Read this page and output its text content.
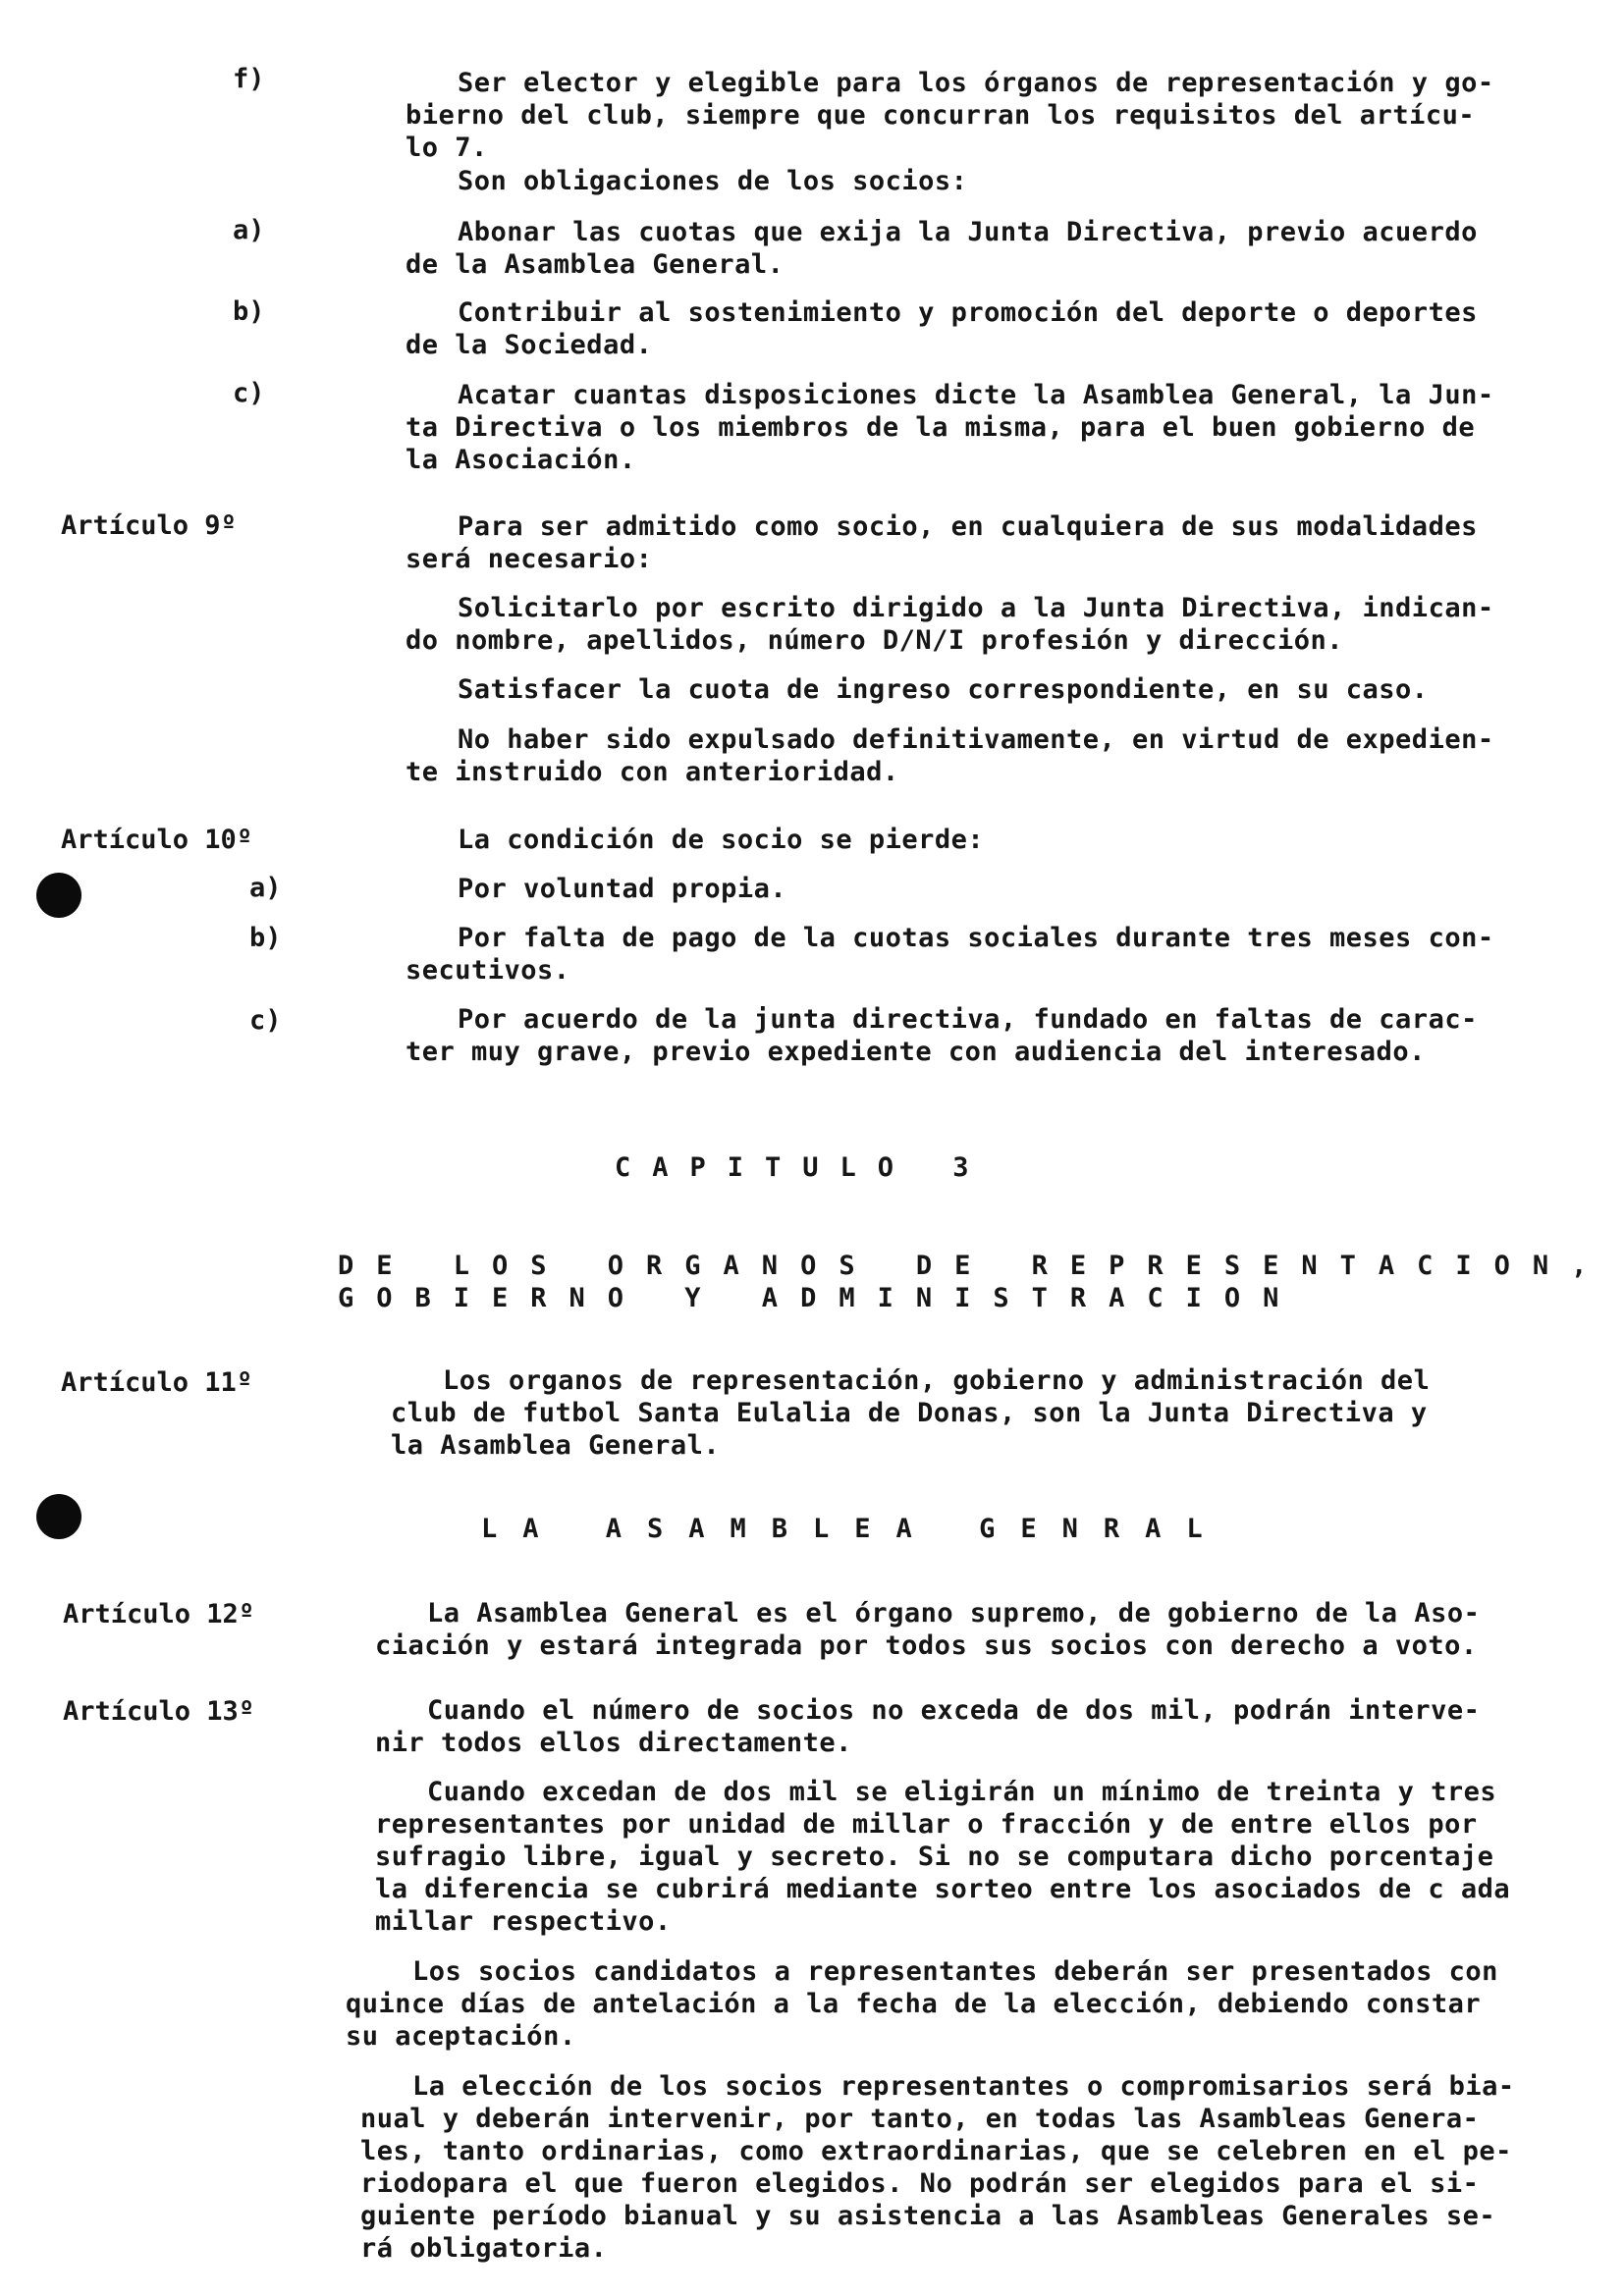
f)	Ser elector y elegible para los órganos de representación y go-

bierno del club, siempre que concurran los requisitos del artícu-

lo 7.

Son obligaciones de los socios:

a)	Abonar las cuotas que exija la Junta Directiva, previo acuerdo

de la Asamblea General.

b)	Contribuir al sostenimiento y promoción del deporte o deportes

de la Sociedad.

c)	Acatar cuantas disposiciones dicte la Asamblea General, la Jun-

ta Directiva o los miembros de la misma, para el buen gobierno de

la Asociación.

Artículo 9º	Para ser admitido como socio, en cualquiera de sus modalidades

será necesario:

Solicitarlo por escrito dirigido a la Junta Directiva, indican-

do nombre, apellidos, número D/N/I profesión y dirección.

Satisfacer la cuota de ingreso correspondiente, en su caso.

No haber sido expulsado definitivamente, en virtud de expedien-

te instruido con anterioridad.

Artículo 10º	La condición de socio se pierde:

a)	Por voluntad propia.

b)	Por falta de pago de la cuotas sociales durante tres meses con-

secutivos.

c)	Por acuerdo de la junta directiva, fundado en faltas de carac-

ter muy grave, previo expediente con audiencia del interesado.

CAPITULO 3

DE LOS ORGANOS DE REPRESENTACION,

GOBIERNO Y ADMINISTRACION

Artículo 11º	Los organos de representación, gobierno y administración del

club de futbol Santa Eulalia de Donas, son la Junta Directiva y

la Asamblea General.

LA ASAMBLEA GENRAL

Artículo 12º	La Asamblea General es el órgano supremo, de gobierno de la Aso-

ciación y estará integrada por todos sus socios con derecho a voto.

Artículo 13º	Cuando el número de socios no exceda de dos mil, podrán interve-

nir todos ellos directamente.

Cuando excedan de dos mil se eligirán un mínimo de treinta y tres

representantes por unidad de millar o fracción y de entre ellos por

sufragio libre, igual y secreto. Si no se computara dicho porcentaje

la diferencia se cubrirá mediante sorteo entre los asociados de c ada

millar respectivo.

Los socios candidatos a representantes deberán ser presentados con

quince días de antelación a la fecha de la elección, debiendo constar

su aceptación.

La elección de los socios representantes o compromisarios será bia-

nual y deberán intervenir, por tanto, en todas las Asambleas Genera-

les, tanto ordinarias, como extraordinarias, que se celebren en el pe-

riodopara el que fueron elegidos. No podrán ser elegidos para el si-

guiente período bianual y su asistencia a las Asambleas Generales se-

rá obligatoria.
